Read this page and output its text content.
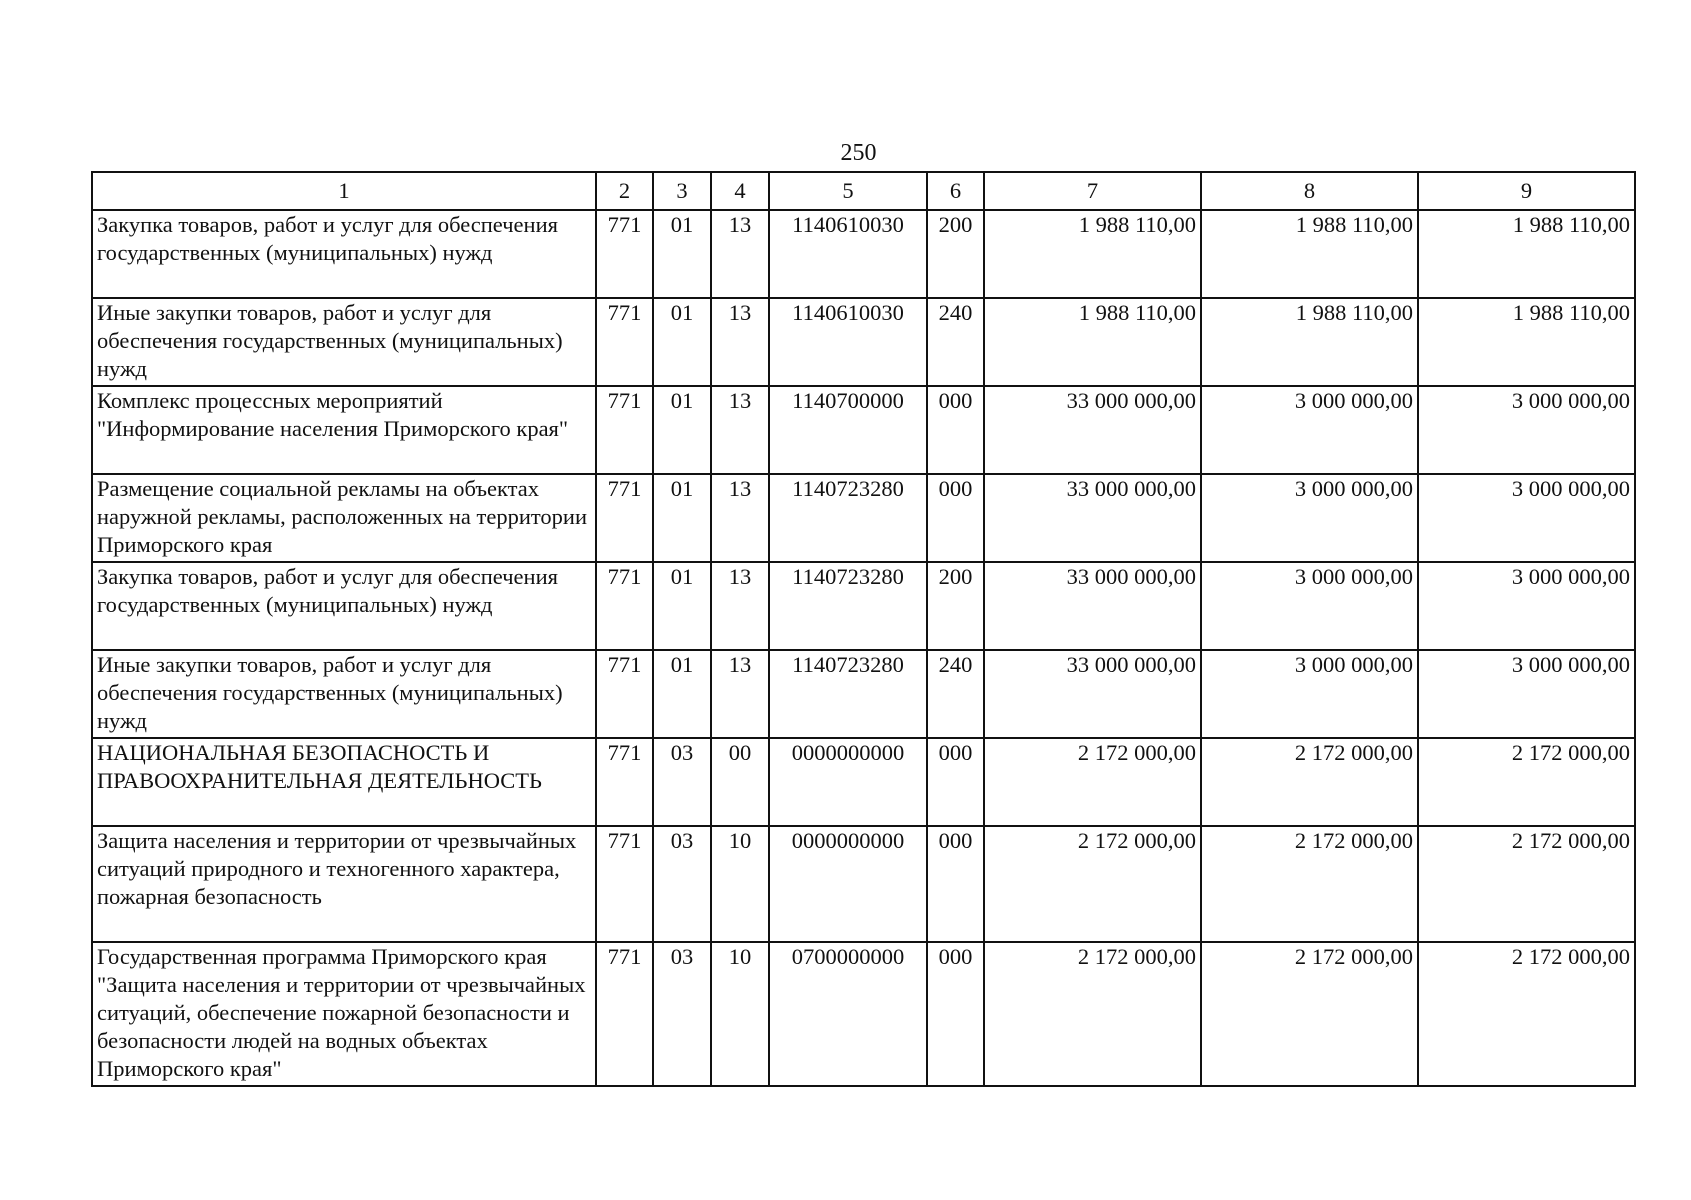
250
1	2	3	4	5	6	7	8	9
Закупка товаров, работ и услуг для обеспечения государственных (муниципальных) нужд	771	01	13	1140610030	200	1 988 110,00	1 988 110,00	1 988 110,00
Иные закупки товаров, работ и услуг для обеспечения государственных (муниципальных) нужд	771	01	13	1140610030	240	1 988 110,00	1 988 110,00	1 988 110,00
Комплекс процессных мероприятий "Информирование населения Приморского края"	771	01	13	1140700000	000	33 000 000,00	3 000 000,00	3 000 000,00
Размещение социальной рекламы на объектах наружной рекламы, расположенных на территории Приморского края	771	01	13	1140723280	000	33 000 000,00	3 000 000,00	3 000 000,00
Закупка товаров, работ и услуг для обеспечения государственных (муниципальных) нужд	771	01	13	1140723280	200	33 000 000,00	3 000 000,00	3 000 000,00
Иные закупки товаров, работ и услуг для обеспечения государственных (муниципальных) нужд	771	01	13	1140723280	240	33 000 000,00	3 000 000,00	3 000 000,00
НАЦИОНАЛЬНАЯ БЕЗОПАСНОСТЬ И ПРАВООХРАНИТЕЛЬНАЯ ДЕЯТЕЛЬНОСТЬ	771	03	00	0000000000	000	2 172 000,00	2 172 000,00	2 172 000,00
Защита населения и территории от чрезвычайных ситуаций природного и техногенного характера, пожарная безопасность	771	03	10	0000000000	000	2 172 000,00	2 172 000,00	2 172 000,00
Государственная программа Приморского края "Защита населения и территории от чрезвычайных ситуаций, обеспечение пожарной безопасности и безопасности людей на водных объектах Приморского края"	771	03	10	0700000000	000	2 172 000,00	2 172 000,00	2 172 000,00
